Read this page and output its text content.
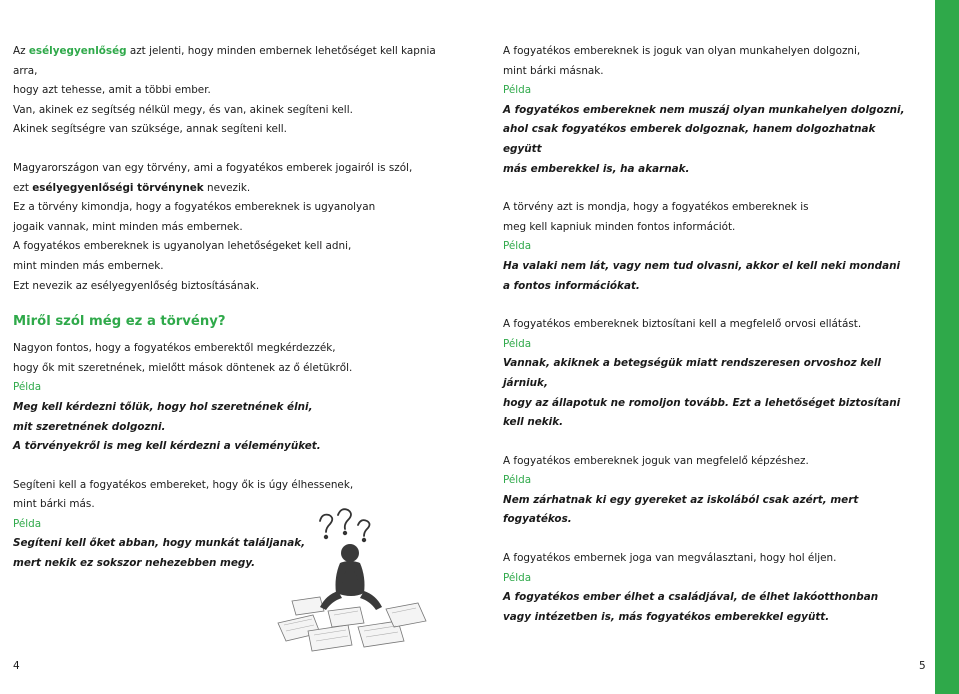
Az esélyegyenlőség azt jelenti, hogy minden embernek lehetőséget kell kapnia arra,

hogy azt tehesse, amit a többi ember.

Van, akinek ez segítség nélkül megy, és van, akinek segíteni kell.

Akinek segítségre van szüksége, annak segíteni kell.

Magyarországon van egy törvény, ami a fogyatékos emberek jogairól is szól,

ezt esélyegyenlőségi törvénynek nevezik.

Ez a törvény kimondja, hogy a fogyatékos embereknek is ugyanolyan

jogaik vannak, mint minden más embernek.

A fogyatékos embereknek is ugyanolyan lehetőségeket kell adni,

mint minden más embernek.

Ezt nevezik az esélyegyenlőség biztosításának.

Miről szól még ez a törvény?

Nagyon fontos, hogy a fogyatékos emberektől megkérdezzék,

hogy ők mit szeretnének, mielőtt mások döntenek az ő életükről.

Példa

Meg kell kérdezni tőlük, hogy hol szeretnének élni,

mit szeretnének dolgozni.

A törvényekről is meg kell kérdezni a véleményüket.

Segíteni kell a fogyatékos embereket, hogy ők is úgy élhessenek,

mint bárki más.

Példa

Segíteni kell őket abban, hogy munkát találjanak,

mert nekik ez sokszor nehezebben megy.

A fogyatékos embereknek is joguk van olyan munkahelyen dolgozni,

mint bárki másnak.

Példa

A fogyatékos embereknek nem muszáj olyan munkahelyen dolgozni,

ahol csak fogyatékos emberek dolgoznak, hanem dolgozhatnak együtt

más emberekkel is, ha akarnak.

A törvény azt is mondja, hogy a fogyatékos embereknek is

meg kell kapniuk minden fontos információt.

Példa

Ha valaki nem lát, vagy nem tud olvasni, akkor el kell neki mondani

a fontos információkat.

A fogyatékos embereknek biztosítani kell a megfelelő orvosi ellátást.

Példa

Vannak, akiknek a betegségük miatt rendszeresen orvoshoz kell járniuk,

hogy az állapotuk ne romoljon tovább. Ezt a lehetőséget biztosítani kell nekik.

A fogyatékos embereknek joguk van megfelelő képzéshez.

Példa

Nem zárhatnak ki egy gyereket az iskolából csak azért, mert fogyatékos.

A fogyatékos embernek joga van megválasztani, hogy hol éljen.

Példa

A fogyatékos ember élhet a családjával, de élhet lakóotthonban

vagy intézetben is, más fogyatékos emberekkel együtt.

4	5
